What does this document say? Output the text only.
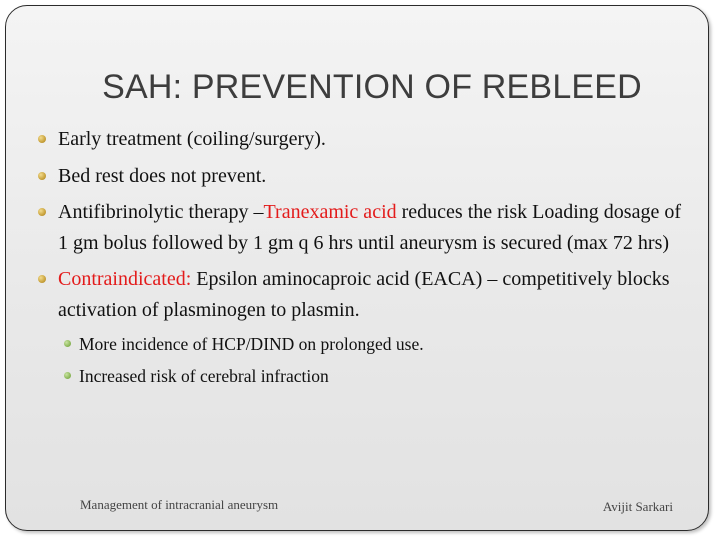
SAH: PREVENTION OF REBLEED
Early treatment (coiling/surgery).
Bed rest does not prevent.
Antifibrinolytic therapy –Tranexamic acid reduces the risk Loading dosage of 1 gm bolus followed by 1 gm q 6 hrs until aneurysm is secured (max 72 hrs)
Contraindicated: Epsilon aminocaproic acid (EACA) – competitively blocks activation of plasminogen to plasmin.
More incidence of HCP/DIND on prolonged use.
Increased risk of cerebral infraction
Management of intracranial aneurysm	Avijit Sarkari
